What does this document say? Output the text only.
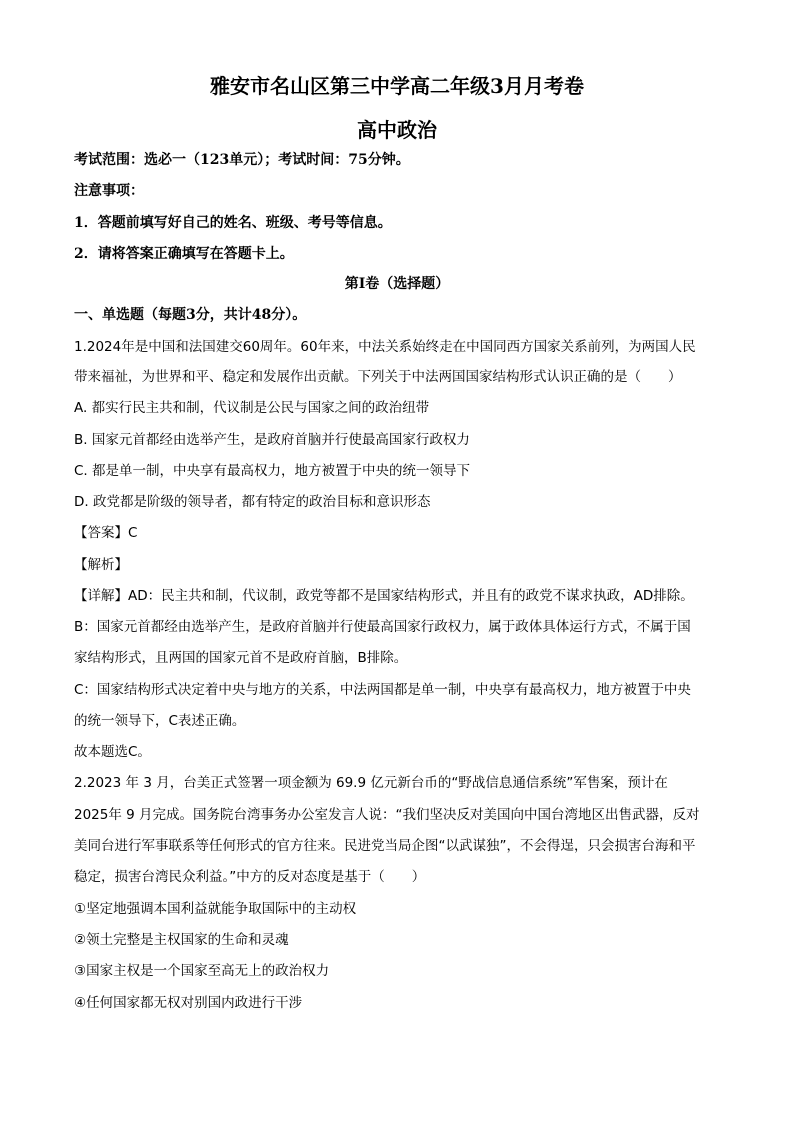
雅安市名山区第三中学高二年级3月月考卷
高中政治
考试范围：选必一（123单元）；考试时间：75分钟。
注意事项：
1．答题前填写好自己的姓名、班级、考号等信息。
2．请将答案正确填写在答题卡上。
第I卷（选择题）
一、单选题（每题3分，共计48分）。
1.2024年是中国和法国建交60周年。60年来，中法关系始终走在中国同西方国家关系前列，为两国人民
带来福祉，为世界和平、稳定和发展作出贡献。下列关于中法两国国家结构形式认识正确的是（　　）
A. 都实行民主共和制，代议制是公民与国家之间的政治纽带
B. 国家元首都经由选举产生，是政府首脑并行使最高国家行政权力
C. 都是单一制，中央享有最高权力，地方被置于中央的统一领导下
D. 政党都是阶级的领导者，都有特定的政治目标和意识形态
【答案】C
【解析】
【详解】AD：民主共和制，代议制，政党等都不是国家结构形式，并且有的政党不谋求执政，AD排除。
B：国家元首都经由选举产生，是政府首脑并行使最高国家行政权力，属于政体具体运行方式，不属于国
家结构形式，且两国的国家元首不是政府首脑，B排除。
C：国家结构形式决定着中央与地方的关系，中法两国都是单一制，中央享有最高权力，地方被置于中央
的统一领导下，C表述正确。
故本题选C。
2.2023 年 3 月，台美正式签署一项金额为 69.9 亿元新台币的“野战信息通信系统”军售案，预计在
2025年 9 月完成。国务院台湾事务办公室发言人说：“我们坚决反对美国向中国台湾地区出售武器，反对
美同台进行军事联系等任何形式的官方往来。民进党当局企图“以武谋独”，不会得逞，只会损害台海和平
稳定，损害台湾民众利益。”中方的反对态度是基于（　　）
①坚定地强调本国利益就能争取国际中的主动权
②领土完整是主权国家的生命和灵魂
③国家主权是一个国家至高无上的政治权力
④任何国家都无权对别国内政进行干涉
